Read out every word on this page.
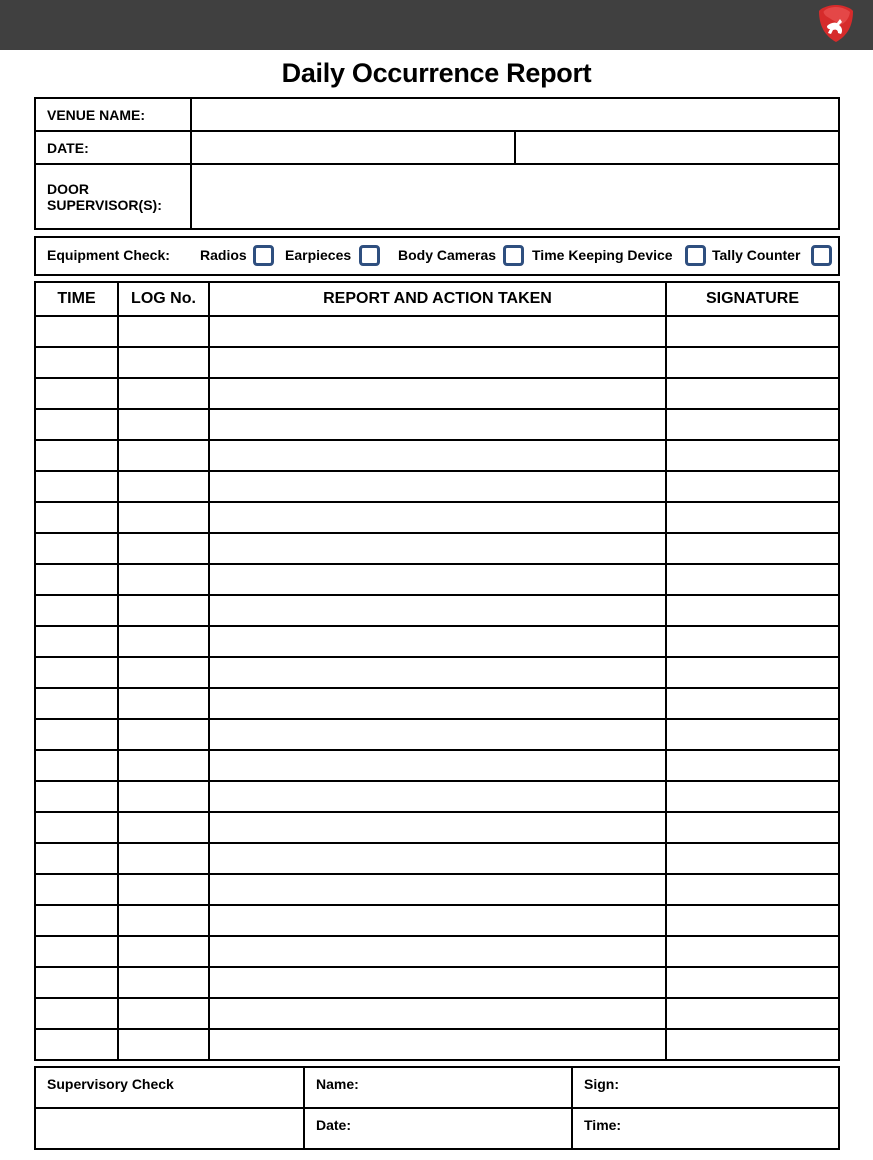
Daily Occurrence Report
VENUE NAME:		
DATE:		
DOOR SUPERVISOR(S):		
Equipment Check: Radios	Earpieces	Body Cameras	Time Keeping Device	Tally Counter
TIME	LOG No.	REPORT AND ACTION TAKEN	SIGNATURE

Supervisory Check	Name:	Sign:
	Date:	Time:
